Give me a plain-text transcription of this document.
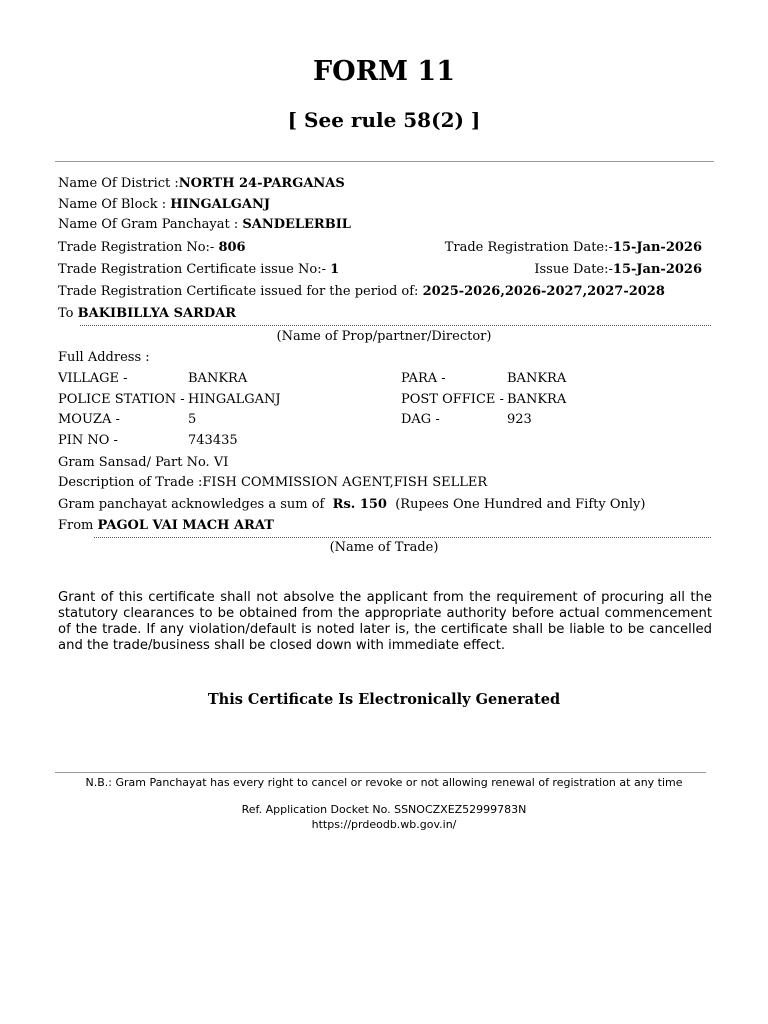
FORM 11
[ See rule 58(2) ]
Name Of District :NORTH 24-PARGANAS
Name Of Block : HINGALGANJ
Name Of Gram Panchayat : SANDELERBIL
Trade Registration No:- 806	Trade Registration Date:-15-Jan-2026
Trade Registration Certificate issue No:- 1	Issue Date:-15-Jan-2026
Trade Registration Certificate issued for the period of: 2025-2026,2026-2027,2027-2028
To BAKIBILLYA SARDAR
(Name of Prop/partner/Director)
Full Address :
VILLAGE -	BANKRA	PARA -	BANKRA
POLICE STATION - HINGALGANJ	POST OFFICE - BANKRA
MOUZA -	5	DAG -	923
PIN NO -	743435
Gram Sansad/ Part No. VI
Description of Trade :FISH COMMISSION AGENT,FISH SELLER
Gram panchayat acknowledges a sum of  Rs. 150 (Rupees One Hundred and Fifty Only)
From PAGOL VAI MACH ARAT
(Name of Trade)
Grant of this certificate shall not absolve the applicant from the requirement of procuring all the statutory clearances to be obtained from the appropriate authority before actual commencement of the trade. If any violation/default is noted later is, the certificate shall be liable to be cancelled and the trade/business shall be closed down with immediate effect.
This Certificate Is Electronically Generated
N.B.: Gram Panchayat has every right to cancel or revoke or not allowing renewal of registration at any time
Ref. Application Docket No. SSNOCZXEZ52999783N
https://prdeodb.wb.gov.in/
